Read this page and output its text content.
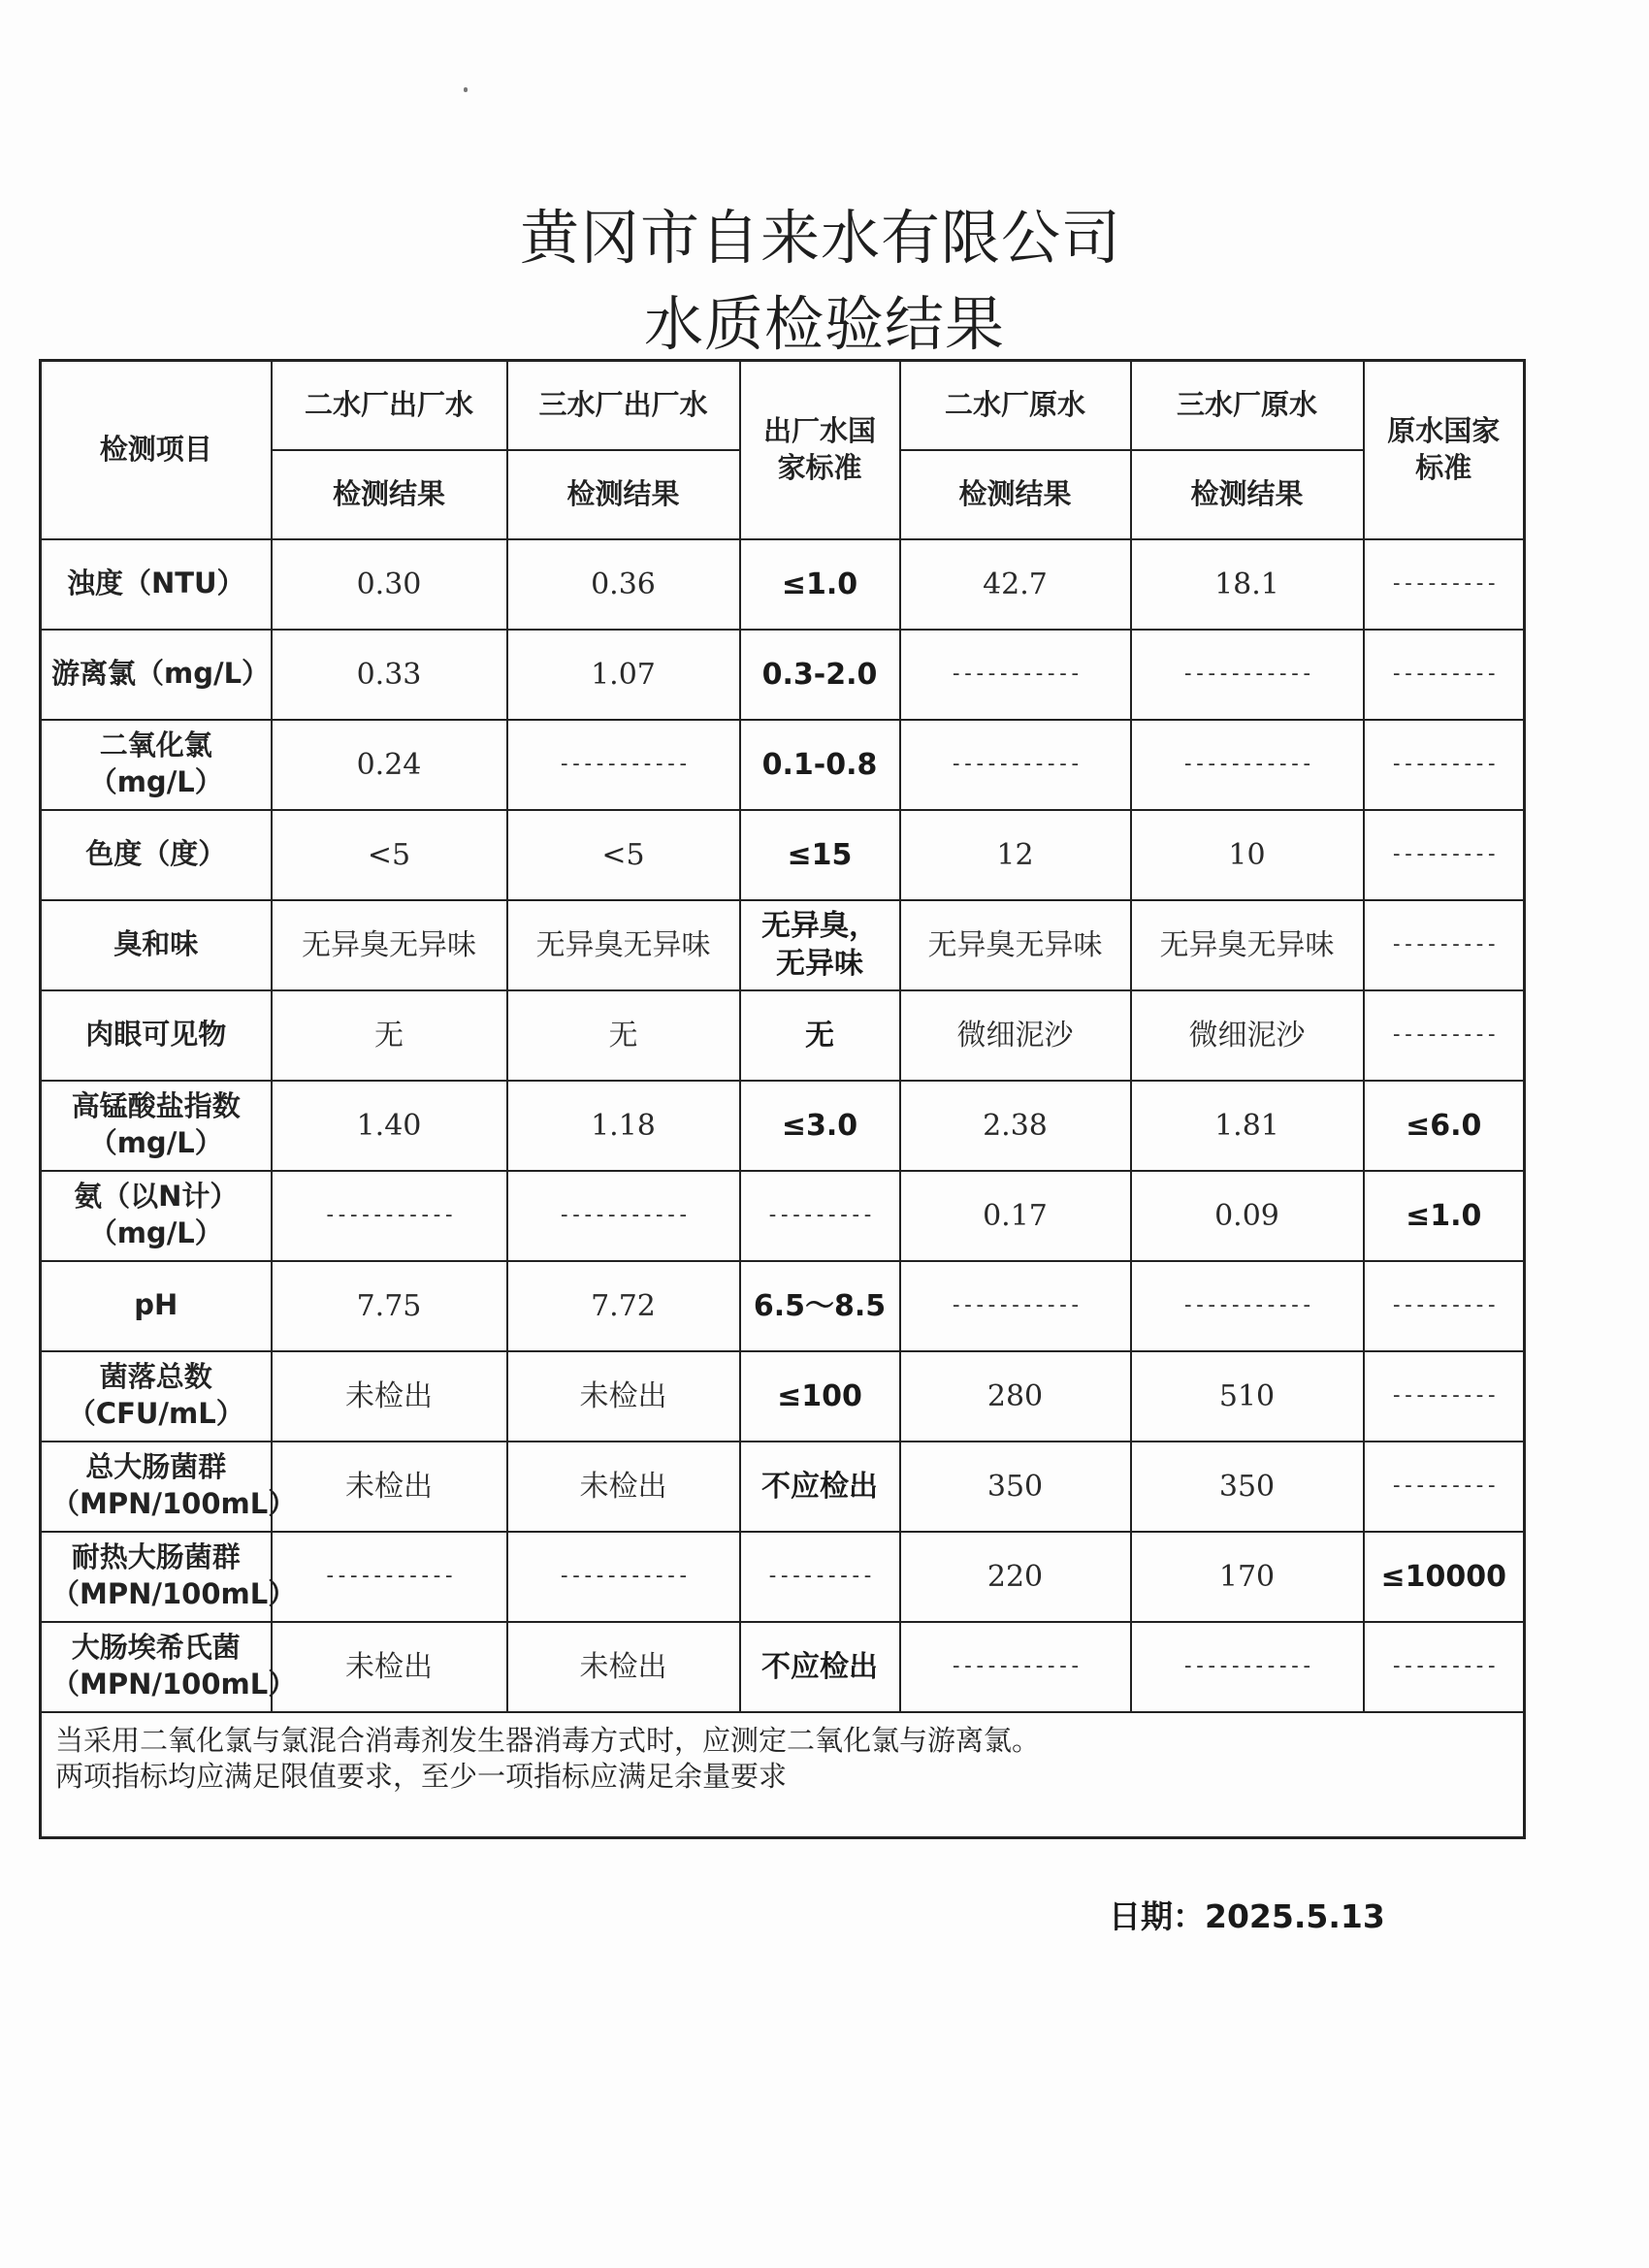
黄冈市自来水有限公司
水质检验结果
检测项目	二水厂出厂水	三水厂出厂水	出厂水国家标准	二水厂原水	三水厂原水	原水国家标准
	检测结果	检测结果		检测结果	检测结果	
浊度（NTU）	0.30	0.36	≤1.0	42.7	18.1	---------
游离氯（mg/L）	0.33	1.07	0.3-2.0	-----------	-----------	---------
二氧化氯（mg/L）	0.24	-----------	0.1-0.8	-----------	-----------	---------
色度（度）	<5	<5	≤15	12	10	---------
臭和味	无异臭无异味	无异臭无异味	无异臭，无异味	无异臭无异味	无异臭无异味	---------
肉眼可见物	无	无	无	微细泥沙	微细泥沙	---------
高锰酸盐指数（mg/L）	1.40	1.18	≤3.0	2.38	1.81	≤6.0
氨（以N计）（mg/L）	-----------	-----------	---------	0.17	0.09	≤1.0
pH	7.75	7.72	6.5～8.5	-----------	-----------	---------
菌落总数（CFU/mL）	未检出	未检出	≤100	280	510	---------
总大肠菌群（MPN/100mL）	未检出	未检出	不应检出	350	350	---------
耐热大肠菌群（MPN/100mL）	-----------	-----------	---------	220	170	≤10000
大肠埃希氏菌（MPN/100mL）	未检出	未检出	不应检出	-----------	-----------	---------

当采用二氧化氯与氯混合消毒剂发生器消毒方式时，应测定二氧化氯与游离氯。
两项指标均应满足限值要求，至少一项指标应满足余量要求						
日期：2025.5.13
